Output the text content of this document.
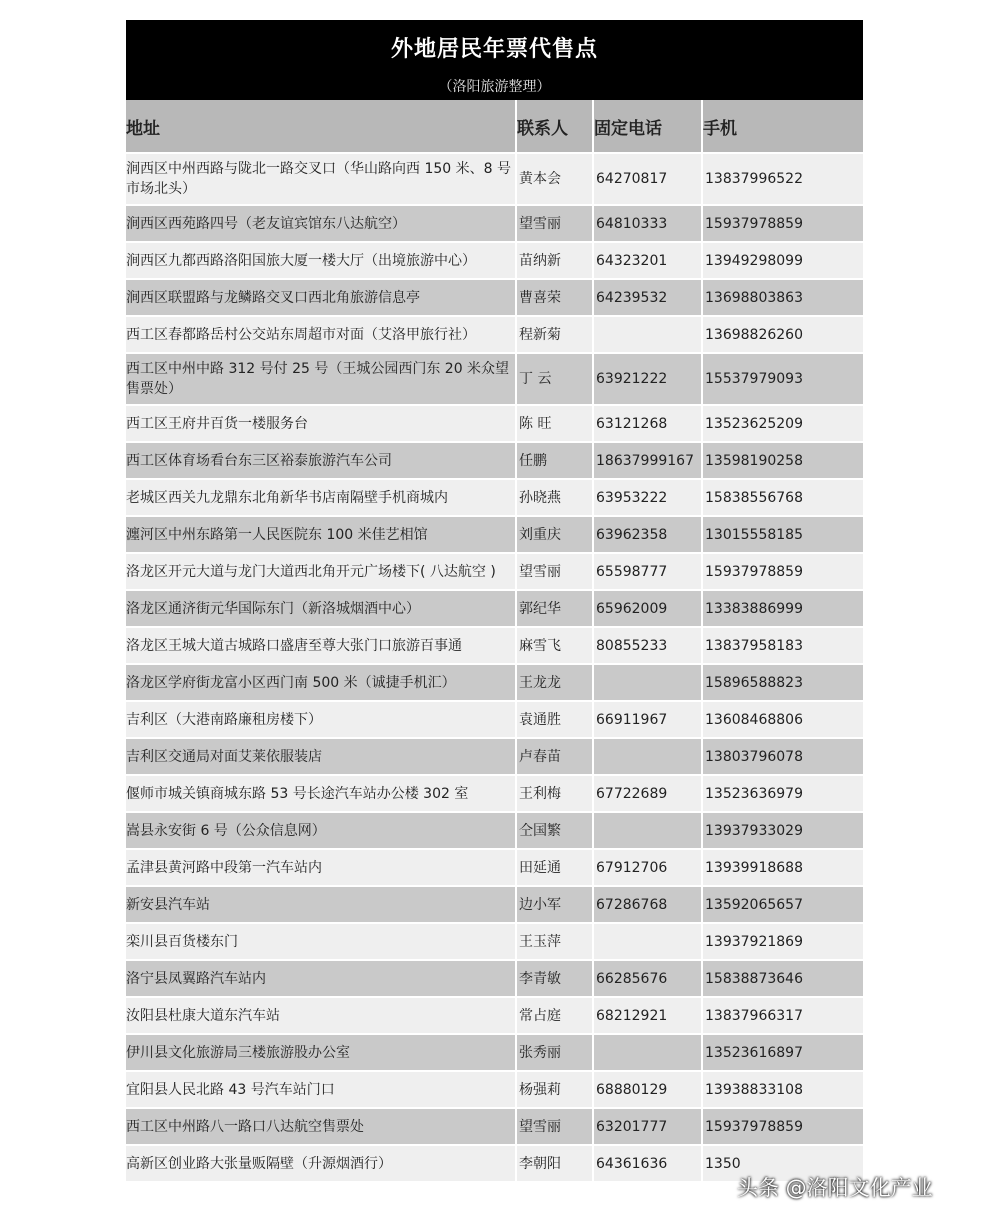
外地居民年票代售点
（洛阳旅游整理）
地址	联系人	固定电话	手机
涧西区中州西路与陇北一路交叉口（华山路向西 150 米、8 号市场北头）	黄本会	64270817	13837996522
涧西区西苑路四号（老友谊宾馆东八达航空）	望雪丽	64810333	15937978859
涧西区九都西路洛阳国旅大厦一楼大厅（出境旅游中心）	苗纳新	64323201	13949298099
涧西区联盟路与龙鳞路交叉口西北角旅游信息亭	曹喜荣	64239532	13698803863
西工区春都路岳村公交站东周超市对面（艾洛甲旅行社）	程新菊		13698826260
西工区中州中路 312 号付 25 号（王城公园西门东 20 米众望售票处）	丁 云	63921222	15537979093
西工区王府井百货一楼服务台	陈 旺	63121268	13523625209
西工区体育场看台东三区裕泰旅游汽车公司	任鹏	18637999167	13598190258
老城区西关九龙鼎东北角新华书店南隔壁手机商城内	孙晓燕	63953222	15838556768
瀍河区中州东路第一人民医院东 100 米佳艺相馆	刘重庆	63962358	13015558185
洛龙区开元大道与龙门大道西北角开元广场楼下( 八达航空 )	望雪丽	65598777	15937978859
洛龙区通济街元华国际东门（新洛城烟酒中心）	郭纪华	65962009	13383886999
洛龙区王城大道古城路口盛唐至尊大张门口旅游百事通	麻雪飞	80855233	13837958183
洛龙区学府街龙富小区西门南 500 米（诚捷手机汇）	王龙龙		15896588823
吉利区（大港南路廉租房楼下）	袁通胜	66911967	13608468806
吉利区交通局对面艾莱依服装店	卢春苗		13803796078
偃师市城关镇商城东路 53 号长途汽车站办公楼 302 室	王利梅	67722689	13523636979
嵩县永安街 6 号（公众信息网）	仝国繁		13937933029
孟津县黄河路中段第一汽车站内	田延通	67912706	13939918688
新安县汽车站	边小军	67286768	13592065657
栾川县百货楼东门	王玉萍		13937921869
洛宁县凤翼路汽车站内	李青敏	66285676	15838873646
汝阳县杜康大道东汽车站	常占庭	68212921	13837966317
伊川县文化旅游局三楼旅游股办公室	张秀丽		13523616897
宜阳县人民北路 43 号汽车站门口	杨强莉	68880129	13938833108
西工区中州路八一路口八达航空售票处	望雪丽	63201777	15937978859
高新区创业路大张量贩隔壁（升源烟酒行）	李朝阳	64361636	1350
头条 @洛阳文化产业
